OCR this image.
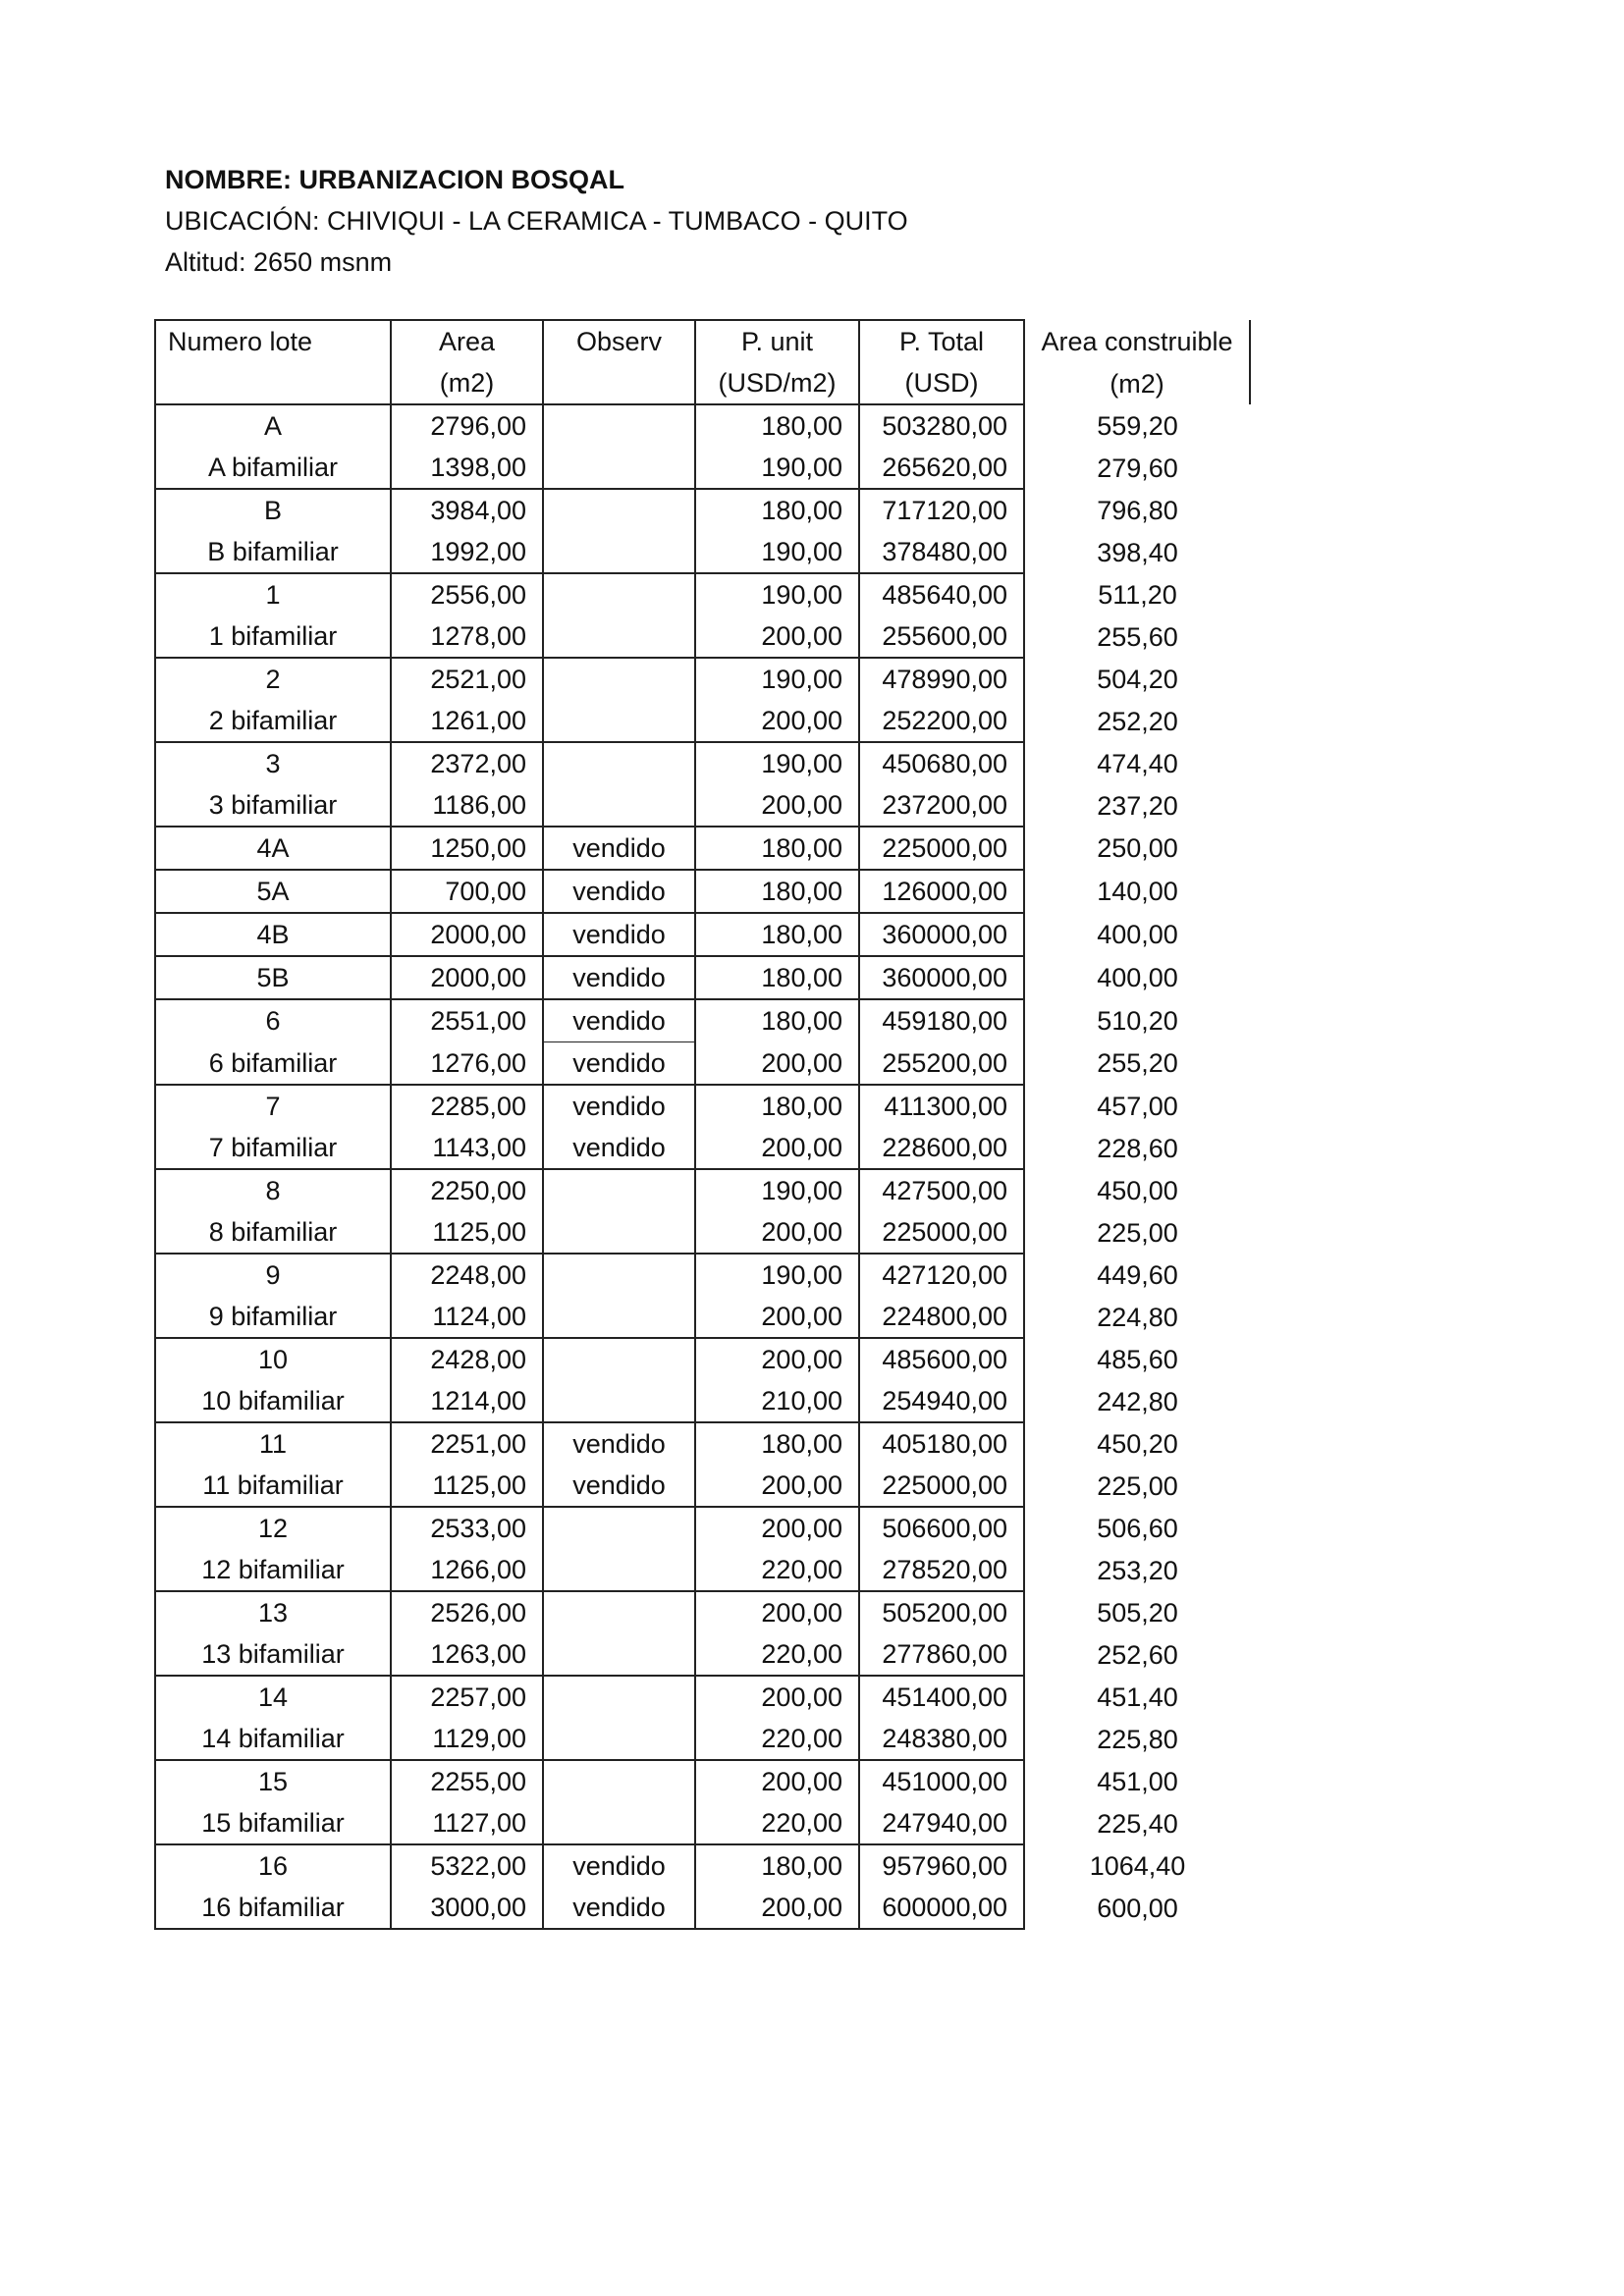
NOMBRE: URBANIZACION BOSQAL
UBICACIÓN: CHIVIQUI - LA CERAMICA - TUMBACO - QUITO
Altitud: 2650 msnm
Numero lote	Area	Observ	P. unit	P. Total	Area construible
	(m2)		(USD/m2)	(USD)	(m2)
A	2796,00		180,00	503280,00	559,20
A bifamiliar	1398,00		190,00	265620,00	279,60
B	3984,00		180,00	717120,00	796,80
B bifamiliar	1992,00		190,00	378480,00	398,40
1	2556,00		190,00	485640,00	511,20
1 bifamiliar	1278,00		200,00	255600,00	255,60
2	2521,00		190,00	478990,00	504,20
2 bifamiliar	1261,00		200,00	252200,00	252,20
3	2372,00		190,00	450680,00	474,40
3 bifamiliar	1186,00		200,00	237200,00	237,20
4A	1250,00	vendido	180,00	225000,00	250,00
5A	700,00	vendido	180,00	126000,00	140,00
4B	2000,00	vendido	180,00	360000,00	400,00
5B	2000,00	vendido	180,00	360000,00	400,00
6	2551,00	vendido	180,00	459180,00	510,20
6 bifamiliar	1276,00	vendido	200,00	255200,00	255,20
7	2285,00	vendido	180,00	411300,00	457,00
7 bifamiliar	1143,00	vendido	200,00	228600,00	228,60
8	2250,00		190,00	427500,00	450,00
8 bifamiliar	1125,00		200,00	225000,00	225,00
9	2248,00		190,00	427120,00	449,60
9 bifamiliar	1124,00		200,00	224800,00	224,80
10	2428,00		200,00	485600,00	485,60
10 bifamiliar	1214,00		210,00	254940,00	242,80
11	2251,00	vendido	180,00	405180,00	450,20
11 bifamiliar	1125,00	vendido	200,00	225000,00	225,00
12	2533,00		200,00	506600,00	506,60
12 bifamiliar	1266,00		220,00	278520,00	253,20
13	2526,00		200,00	505200,00	505,20
13 bifamiliar	1263,00		220,00	277860,00	252,60
14	2257,00		200,00	451400,00	451,40
14 bifamiliar	1129,00		220,00	248380,00	225,80
15	2255,00		200,00	451000,00	451,00
15 bifamiliar	1127,00		220,00	247940,00	225,40
16	5322,00	vendido	180,00	957960,00	1064,40
16 bifamiliar	3000,00	vendido	200,00	600000,00	600,00
